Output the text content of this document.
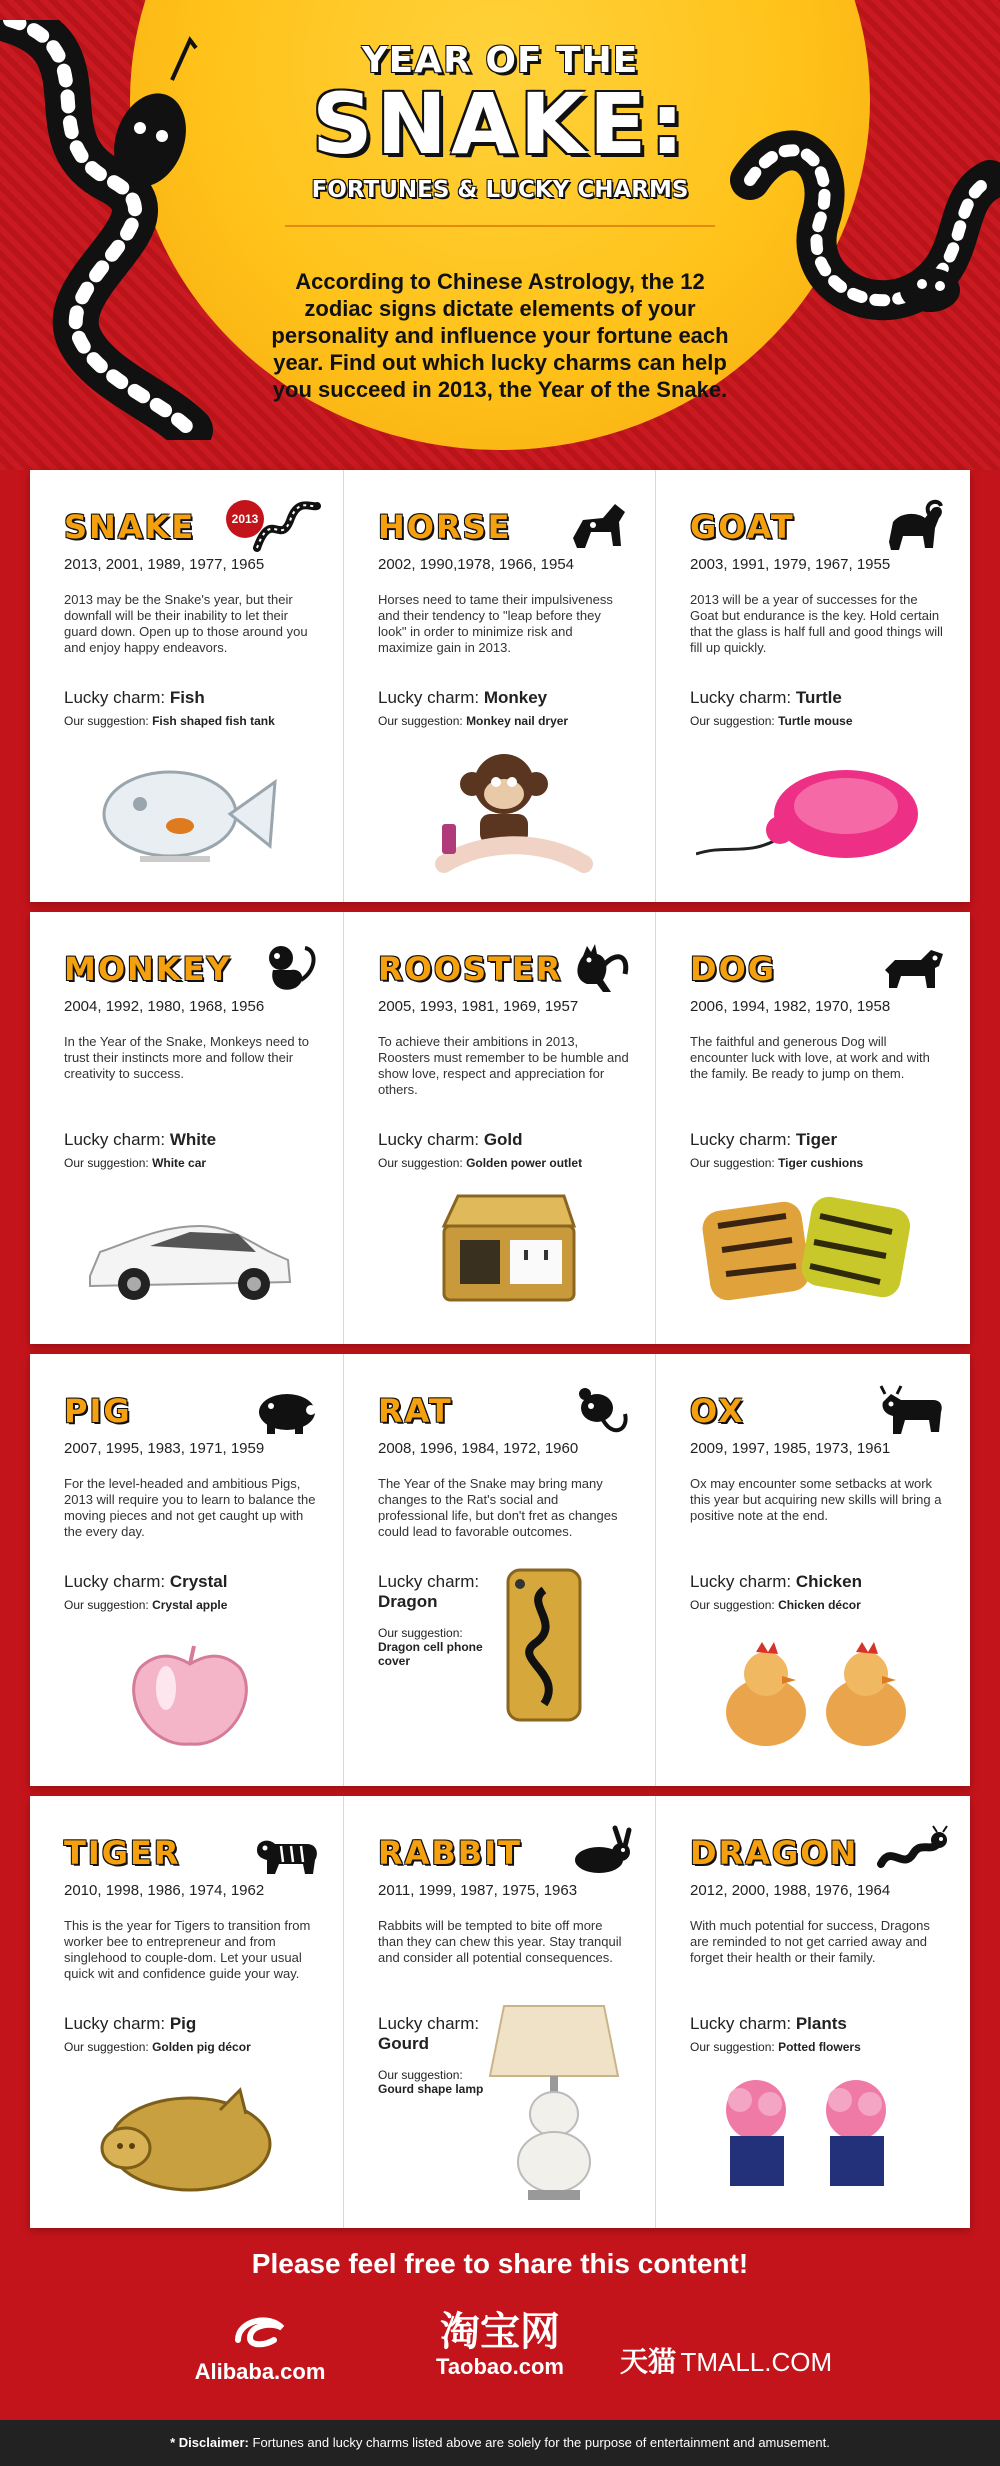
YEAR OF THE
SNAKE:
FORTUNES & LUCKY CHARMS
According to Chinese Astrology, the 12 zodiac signs dictate elements of your personality and influence your fortune each year. Find out which lucky charms can help you succeed in 2013, the Year of the Snake.
SNAKE	2013
2013, 2001, 1989, 1977, 1965
2013 may be the Snake's year, but their downfall will be their inability to let their guard down. Open up to those around you and enjoy happy endeavors.
Lucky charm: Fish
Our suggestion: Fish shaped fish tank
HORSE
2002, 1990,1978, 1966, 1954
Horses need to tame their impulsiveness and their tendency to "leap before they look" in order to minimize risk and maximize gain in 2013.
Lucky charm: Monkey
Our suggestion: Monkey nail dryer
GOAT
2003, 1991, 1979, 1967, 1955
2013 will be a year of successes for the Goat but endurance is the key. Hold certain that the glass is half full and good things will fill up quickly.
Lucky charm: Turtle
Our suggestion: Turtle mouse
MONKEY
2004, 1992, 1980, 1968, 1956
In the Year of the Snake, Monkeys need to trust their instincts more and follow their creativity to success.
Lucky charm: White
Our suggestion: White car
ROOSTER
2005, 1993, 1981, 1969, 1957
To achieve their ambitions in 2013, Roosters must remember to be humble and show love, respect and appreciation for others.
Lucky charm: Gold
Our suggestion: Golden power outlet
DOG
2006, 1994, 1982, 1970, 1958
The faithful and generous Dog will encounter luck with love, at work and with the family. Be ready to jump on them.
Lucky charm: Tiger
Our suggestion: Tiger cushions
PIG
2007, 1995, 1983, 1971, 1959
For the level-headed and ambitious Pigs, 2013 will require you to learn to balance the moving pieces and not get caught up with the every day.
Lucky charm: Crystal
Our suggestion: Crystal apple
RAT
2008, 1996, 1984, 1972, 1960
The Year of the Snake may bring many changes to the Rat's social and professional life, but don't fret as changes could lead to favorable outcomes.
Lucky charm:
Dragon
Our suggestion:
Dragon cell phone cover
OX
2009, 1997, 1985, 1973, 1961
Ox may encounter some setbacks at work this year but acquiring new skills will bring a positive note at the end.
Lucky charm: Chicken
Our suggestion: Chicken décor
TIGER
2010, 1998, 1986, 1974, 1962
This is the year for Tigers to transition from worker bee to entrepreneur and from singlehood to couple-dom. Let your usual quick wit and confidence guide your way.
Lucky charm: Pig
Our suggestion: Golden pig décor
RABBIT
2011, 1999, 1987, 1975, 1963
Rabbits will be tempted to bite off more than they can chew this year. Stay tranquil and consider all potential consequences.
Lucky charm:
Gourd
Our suggestion:
Gourd shape lamp
DRAGON
2012, 2000, 1988, 1976, 1964
With much potential for success, Dragons are reminded to not get carried away and forget their health or their family.
Lucky charm: Plants
Our suggestion: Potted flowers
Please feel free to share this content!
Alibaba.com
淘宝网
Taobao.com	天猫 TMALL.COM
* Disclaimer: Fortunes and lucky charms listed above are solely for the purpose of entertainment and amusement.
